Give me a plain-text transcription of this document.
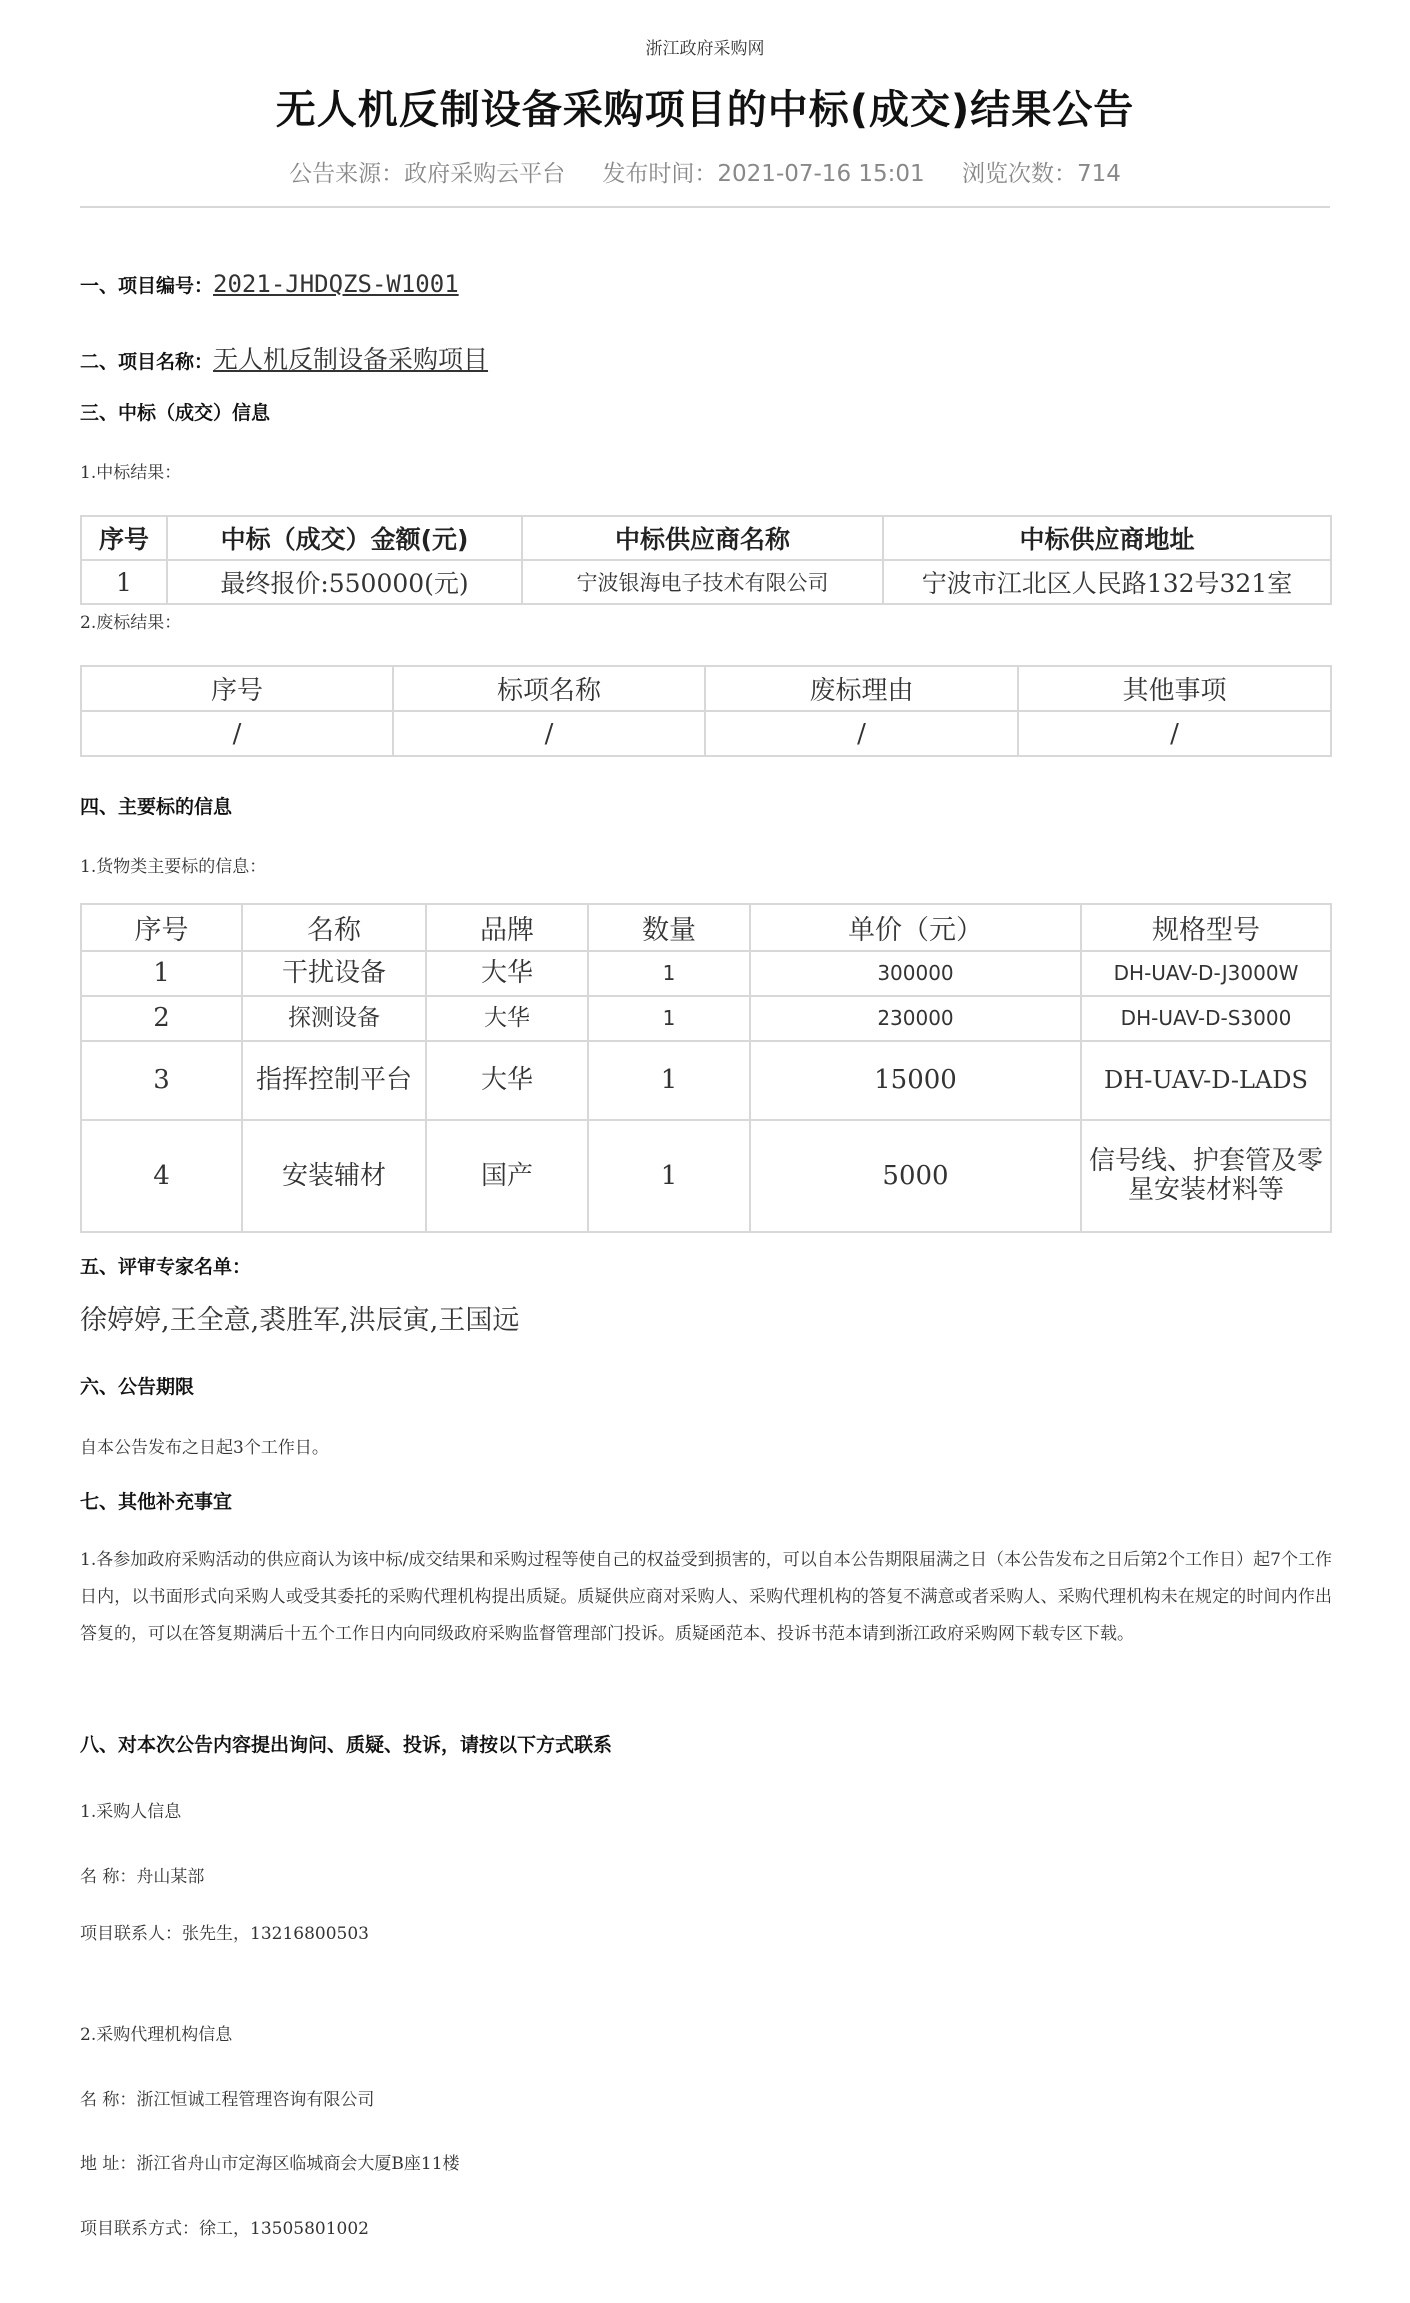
浙江政府采购网
无人机反制设备采购项目的中标(成交)结果公告
公告来源：政府采购云平台 发布时间：2021-07-16 15:01 浏览次数：714
一、项目编号：2021-JHDQZS-W1001
二、项目名称：无人机反制设备采购项目
三、中标（成交）信息
1.中标结果：
序号	中标（成交）金额(元)	中标供应商名称	中标供应商地址
1	最终报价:550000(元)	宁波银海电子技术有限公司	宁波市江北区人民路132号321室
2.废标结果：
序号	标项名称	废标理由	其他事项
/	/	/	/
四、主要标的信息
1.货物类主要标的信息：
序号	名称	品牌	数量	单价（元）	规格型号
1	干扰设备	大华	1	300000	DH-UAV-D-J3000W
2	探测设备	大华	1	230000	DH-UAV-D-S3000
3	指挥控制平台	大华	1	15000	DH-UAV-D-LADS
4	安装辅材	国产	1	5000	信号线、护套管及零星安装材料等
五、评审专家名单：
徐婷婷,王全意,裘胜军,洪辰寅,王国远
六、公告期限
自本公告发布之日起3个工作日。
七、其他补充事宜
1.各参加政府采购活动的供应商认为该中标/成交结果和采购过程等使自己的权益受到损害的，可以自本公告期限届满之日（本公告发布之日后第2个工作日）起7个工作日内，以书面形式向采购人或受其委托的采购代理机构提出质疑。质疑供应商对采购人、采购代理机构的答复不满意或者采购人、采购代理机构未在规定的时间内作出答复的，可以在答复期满后十五个工作日内向同级政府采购监督管理部门投诉。质疑函范本、投诉书范本请到浙江政府采购网下载专区下载。
八、对本次公告内容提出询问、质疑、投诉，请按以下方式联系
1.采购人信息
名 称：舟山某部
项目联系人：张先生，13216800503
2.采购代理机构信息
名 称：浙江恒诚工程管理咨询有限公司
地 址：浙江省舟山市定海区临城商会大厦B座11楼
项目联系方式：徐工，13505801002
